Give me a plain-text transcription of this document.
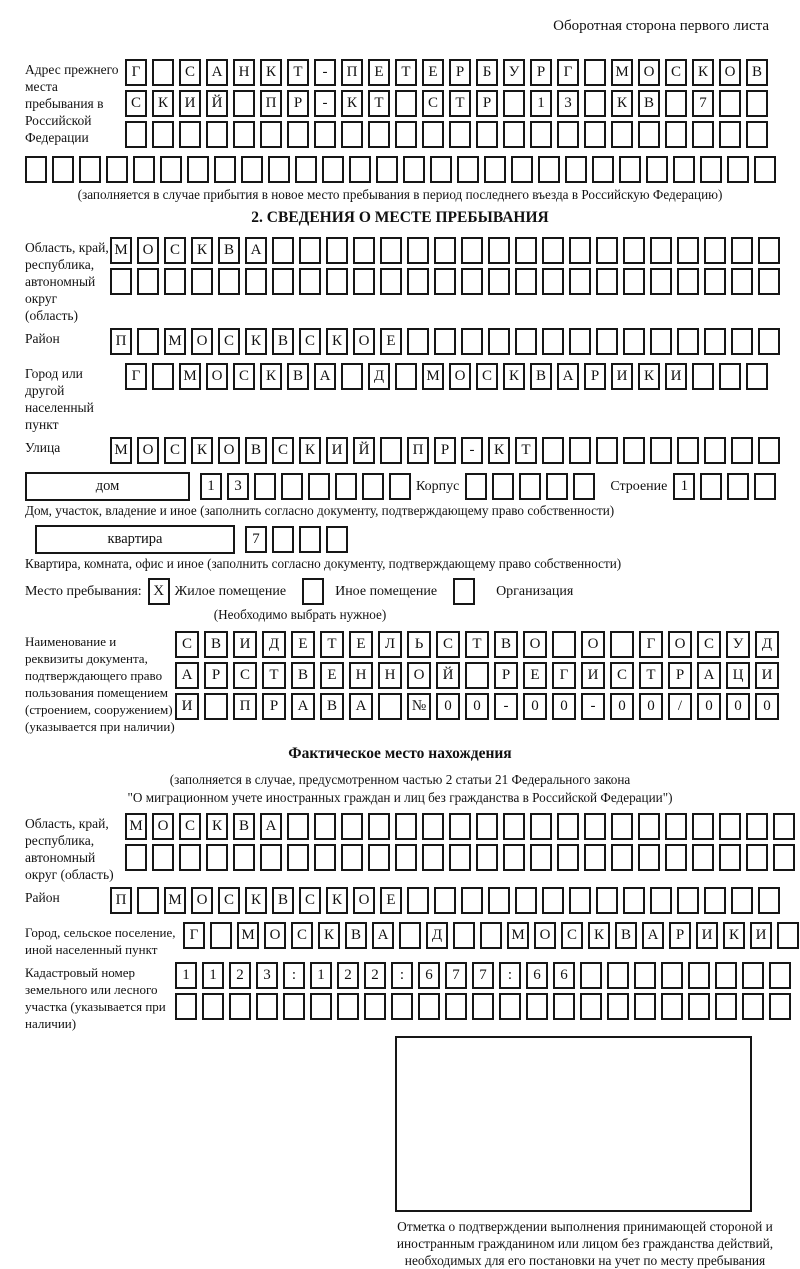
Оборотная сторона первого листа
Адрес прежнего места пребывания в Российской Федерации
Г	С	А	Н	К	Т	-	П	Е	Т	Е	Р	Б	У	Р	Г	М О	С	К	О	В
С	К	И	Й	П	Р	-	К	Т	С	Т	Р	1	3	К	В	7
(заполняется в случае прибытия в новое место пребывания в период последнего въезда в Российскую Федерацию)
2. СВЕДЕНИЯ О МЕСТЕ ПРЕБЫВАНИЯ
Область, край, республика, автономный округ (область)
М О	С	К	В	А
Район	П	М О	С	К	В	С	К	О	Е
Город или другой населенный пункт
Г	М О	С	К	В	А	Д	М О	С	К	В	А	Р	И	К	И
Улица	М О	С	К	О	В	С	К	И	Й	П	Р	-	К	Т
дом	1	3	Корпус	Строение 1
Дом, участок, владение и иное (заполнить согласно документу, подтверждающему право собственности)
квартира	7
Квартира, комната, офис и иное (заполнить согласно документу, подтверждающему право собственности)
Место пребывания: X Жилое помещение	Иное помещение	Организация
(Необходимо выбрать нужное)
Наименование и реквизиты документа, подтверждающего право пользования помещением (строением, сооружением) (указывается при наличии)
С	В	И	Д	Е	Т	Е	Л	Ь	С	Т	В	О	О	Г	О	С	У	Д
А	Р	С	Т	В	Е	Н	Н	О	Й	Р	Е	Г	И	С	Т	Р	А	Ц	И
И	П	Р	А	В	А	№	0	0	-	0	0	-	0	0	/	0	0	0
Фактическое место нахождения
(заполняется в случае, предусмотренном частью 2 статьи 21 Федерального закона
"О миграционном учете иностранных граждан и лиц без гражданства в Российской Федерации")
Область, край, республика, автономный округ (область)
М О	С	К	В	А
Район	П	М О	С	К	В	С	К	О	Е
Город, сельское поселение, иной населенный пункт
Г	М О	С	К	В	А	Д	М О	С	К	В	А	Р	И	К	И
Кадастровый номер земельного или лесного участка (указывается при наличии)
1	1	2	3	:	1	2	2	:	6	7	7	:	6	6
Отметка о подтверждении выполнения принимающей стороной и иностранным гражданином или лицом без гражданства действий, необходимых для его постановки на учет по месту пребывания
